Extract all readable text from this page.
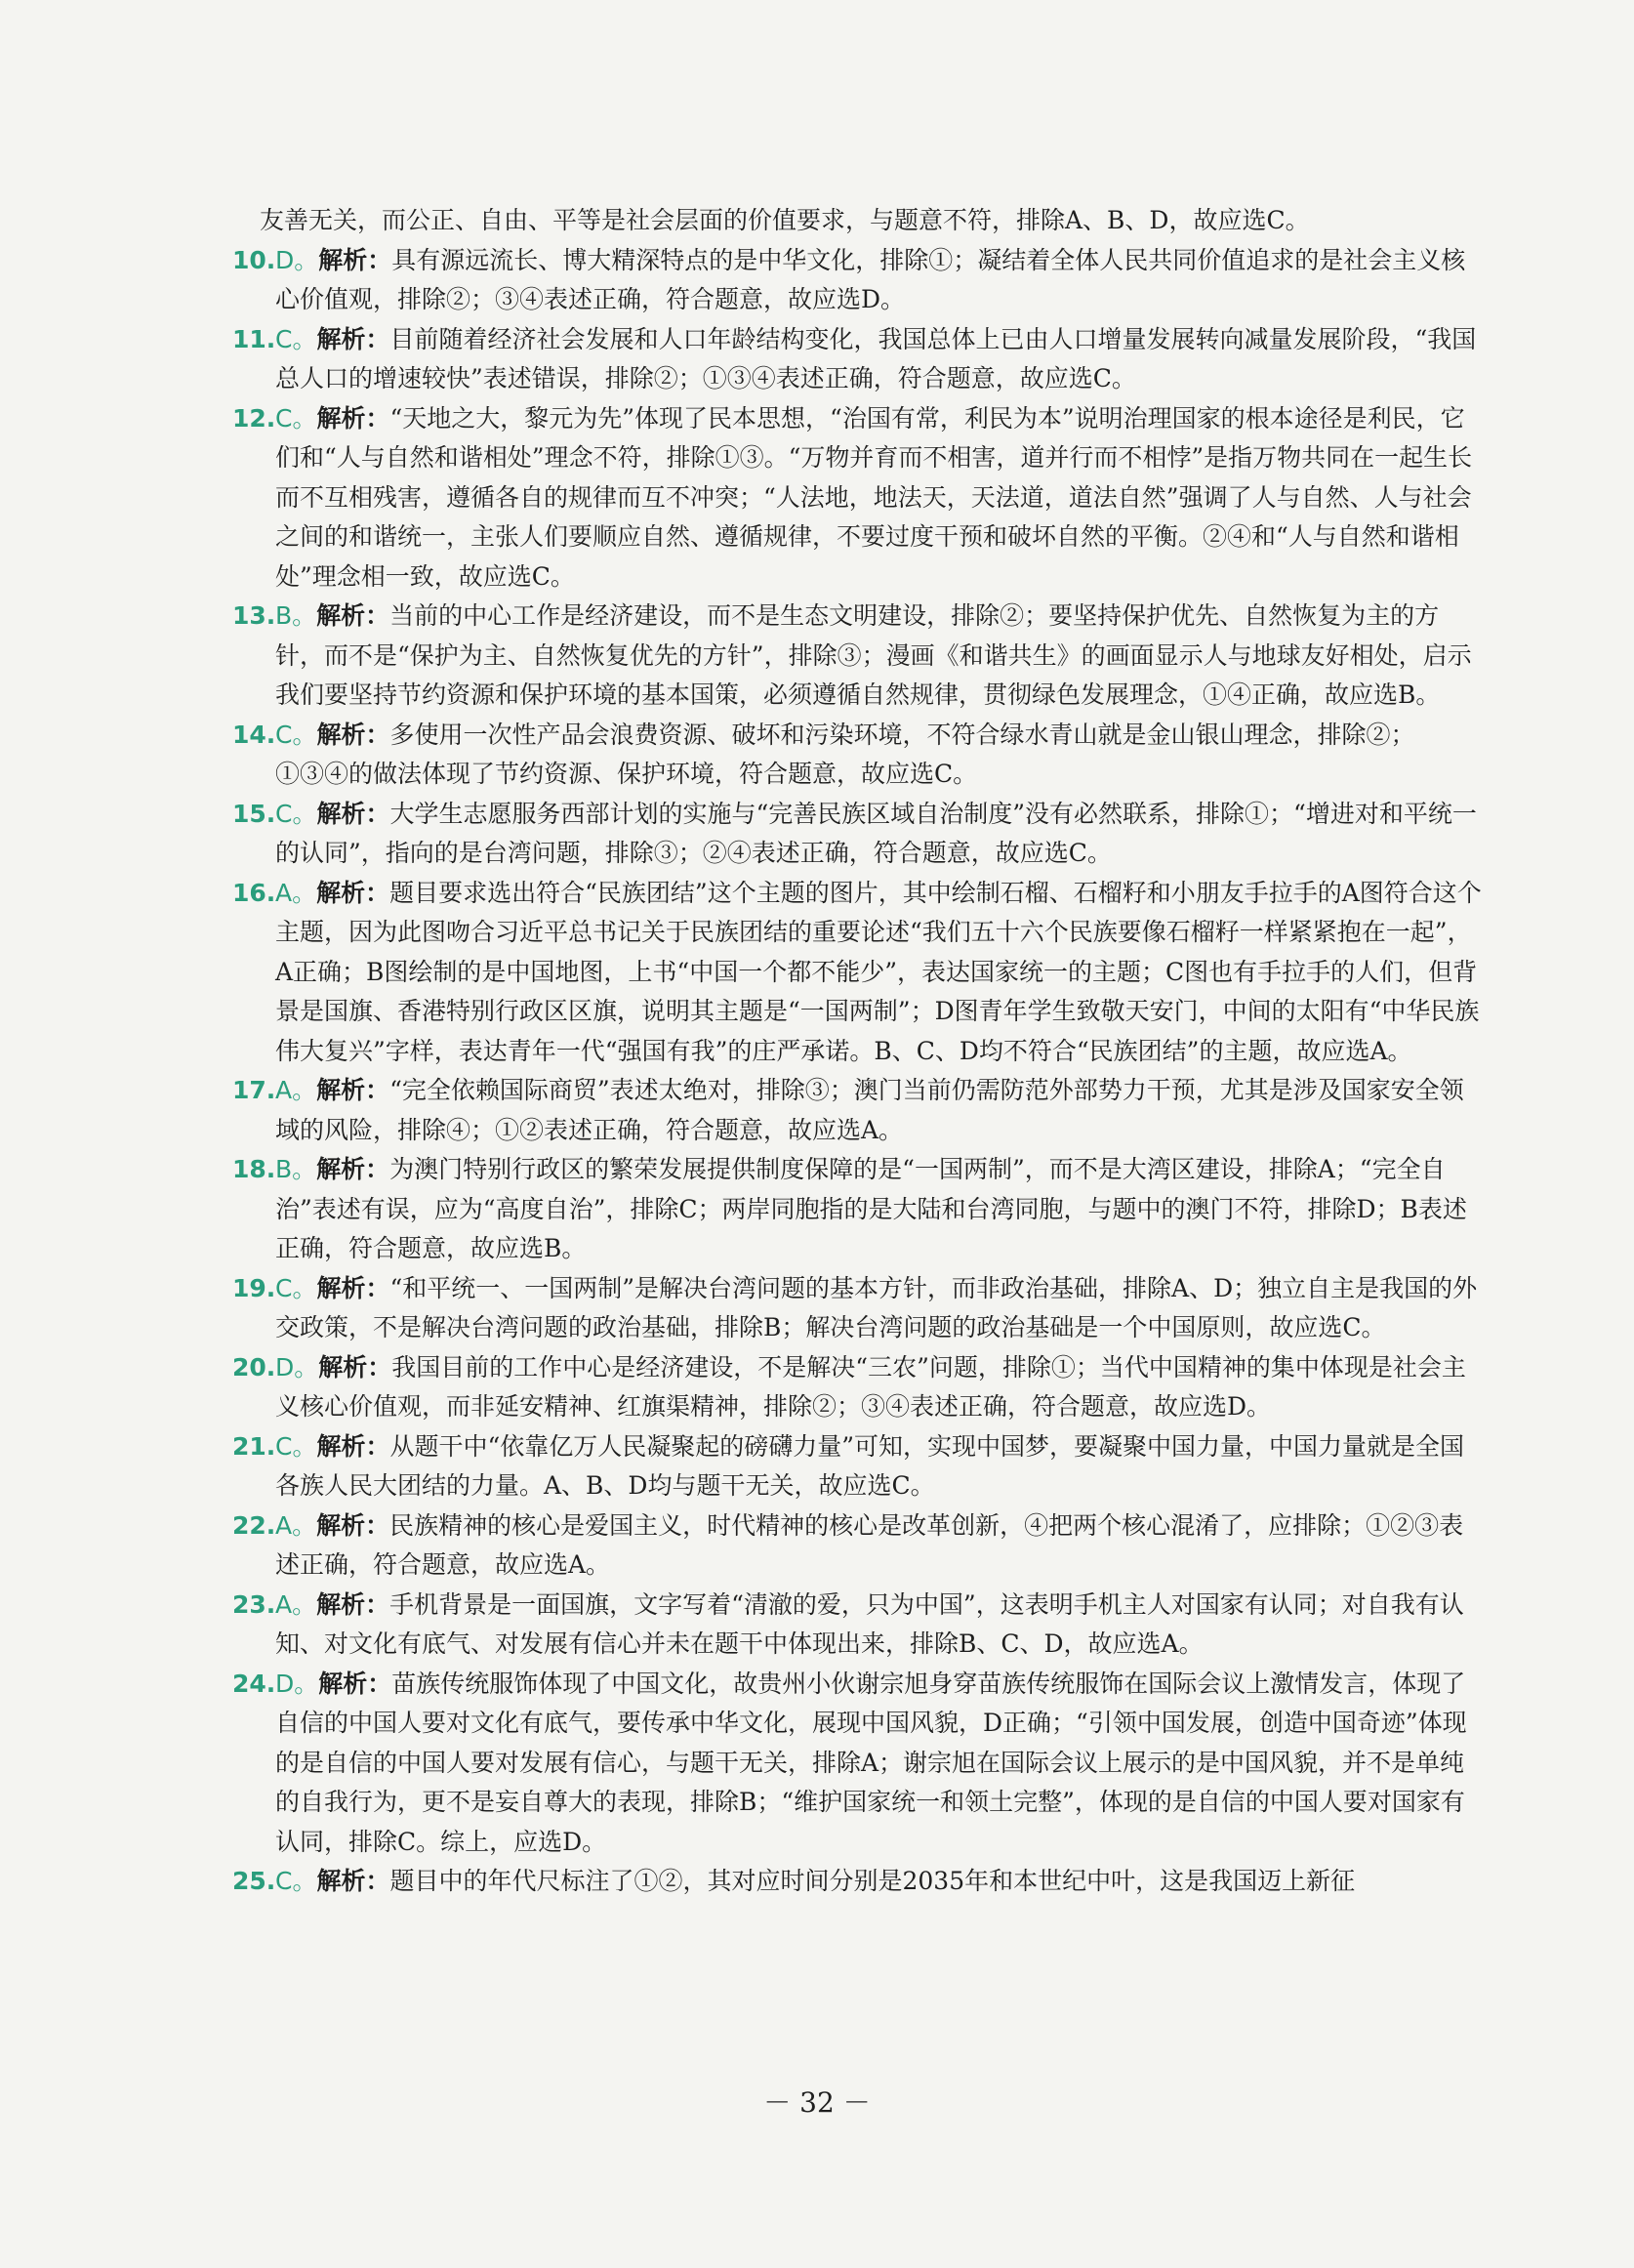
友善无关，而公正、自由、平等是社会层面的价值要求，与题意不符，排除A、B、D，故应选C。

10. D。解析：具有源远流长、博大精深特点的是中华文化，排除①；凝结着全体人民共同价值追求的是社会主义核心价值观，排除②；③④表述正确，符合题意，故应选D。

11. C。解析：目前随着经济社会发展和人口年龄结构变化，我国总体上已由人口增量发展转向减量发展阶段，“我国总人口的增速较快”表述错误，排除②；①③④表述正确，符合题意，故应选C。

12. C。解析：“天地之大，黎元为先”体现了民本思想，“治国有常，利民为本”说明治理国家的根本途径是利民，它们和“人与自然和谐相处”理念不符，排除①③。“万物并育而不相害，道并行而不相悖”是指万物共同在一起生长而不互相残害，遵循各自的规律而互不冲突；“人法地，地法天，天法道，道法自然”强调了人与自然、人与社会之间的和谐统一，主张人们要顺应自然、遵循规律，不要过度干预和破坏自然的平衡。②④和“人与自然和谐相处”理念相一致，故应选C。

13. B。解析：当前的中心工作是经济建设，而不是生态文明建设，排除②；要坚持保护优先、自然恢复为主的方针，而不是“保护为主、自然恢复优先的方针”，排除③；漫画《和谐共生》的画面显示人与地球友好相处，启示我们要坚持节约资源和保护环境的基本国策，必须遵循自然规律，贯彻绿色发展理念，①④正确，故应选B。

14. C。解析：多使用一次性产品会浪费资源、破坏和污染环境，不符合绿水青山就是金山银山理念，排除②；①③④的做法体现了节约资源、保护环境，符合题意，故应选C。

15. C。解析：大学生志愿服务西部计划的实施与“完善民族区域自治制度”没有必然联系，排除①；“增进对和平统一的认同”，指向的是台湾问题，排除③；②④表述正确，符合题意，故应选C。

16. A。解析：题目要求选出符合“民族团结”这个主题的图片，其中绘制石榴、石榴籽和小朋友手拉手的A图符合这个主题，因为此图吻合习近平总书记关于民族团结的重要论述“我们五十六个民族要像石榴籽一样紧紧抱在一起”，A正确；B图绘制的是中国地图，上书“中国一个都不能少”，表达国家统一的主题；C图也有手拉手的人们，但背景是国旗、香港特别行政区区旗，说明其主题是“一国两制”；D图青年学生致敬天安门，中间的太阳有“中华民族伟大复兴”字样，表达青年一代“强国有我”的庄严承诺。B、C、D均不符合“民族团结”的主题，故应选A。

17. A。解析：“完全依赖国际商贸”表述太绝对，排除③；澳门当前仍需防范外部势力干预，尤其是涉及国家安全领域的风险，排除④；①②表述正确，符合题意，故应选A。

18. B。解析：为澳门特别行政区的繁荣发展提供制度保障的是“一国两制”，而不是大湾区建设，排除A；“完全自治”表述有误，应为“高度自治”，排除C；两岸同胞指的是大陆和台湾同胞，与题中的澳门不符，排除D；B表述正确，符合题意，故应选B。

19. C。解析：“和平统一、一国两制”是解决台湾问题的基本方针，而非政治基础，排除A、D；独立自主是我国的外交政策，不是解决台湾问题的政治基础，排除B；解决台湾问题的政治基础是一个中国原则，故应选C。

20. D。解析：我国目前的工作中心是经济建设，不是解决“三农”问题，排除①；当代中国精神的集中体现是社会主义核心价值观，而非延安精神、红旗渠精神，排除②；③④表述正确，符合题意，故应选D。

21. C。解析：从题干中“依靠亿万人民凝聚起的磅礴力量”可知，实现中国梦，要凝聚中国力量，中国力量就是全国各族人民大团结的力量。A、B、D均与题干无关，故应选C。

22. A。解析：民族精神的核心是爱国主义，时代精神的核心是改革创新，④把两个核心混淆了，应排除；①②③表述正确，符合题意，故应选A。

23. A。解析：手机背景是一面国旗，文字写着“清澈的爱，只为中国”，这表明手机主人对国家有认同；对自我有认知、对文化有底气、对发展有信心并未在题干中体现出来，排除B、C、D，故应选A。

24. D。解析：苗族传统服饰体现了中国文化，故贵州小伙谢宗旭身穿苗族传统服饰在国际会议上激情发言，体现了自信的中国人要对文化有底气，要传承中华文化，展现中国风貌，D正确；“引领中国发展，创造中国奇迹”体现的是自信的中国人要对发展有信心，与题干无关，排除A；谢宗旭在国际会议上展示的是中国风貌，并不是单纯的自我行为，更不是妄自尊大的表现，排除B；“维护国家统一和领土完整”，体现的是自信的中国人要对国家有认同，排除C。综上，应选D。

25. C。解析：题目中的年代尺标注了①②，其对应时间分别是2035年和本世纪中叶，这是我国迈上新征

－ 32 －
